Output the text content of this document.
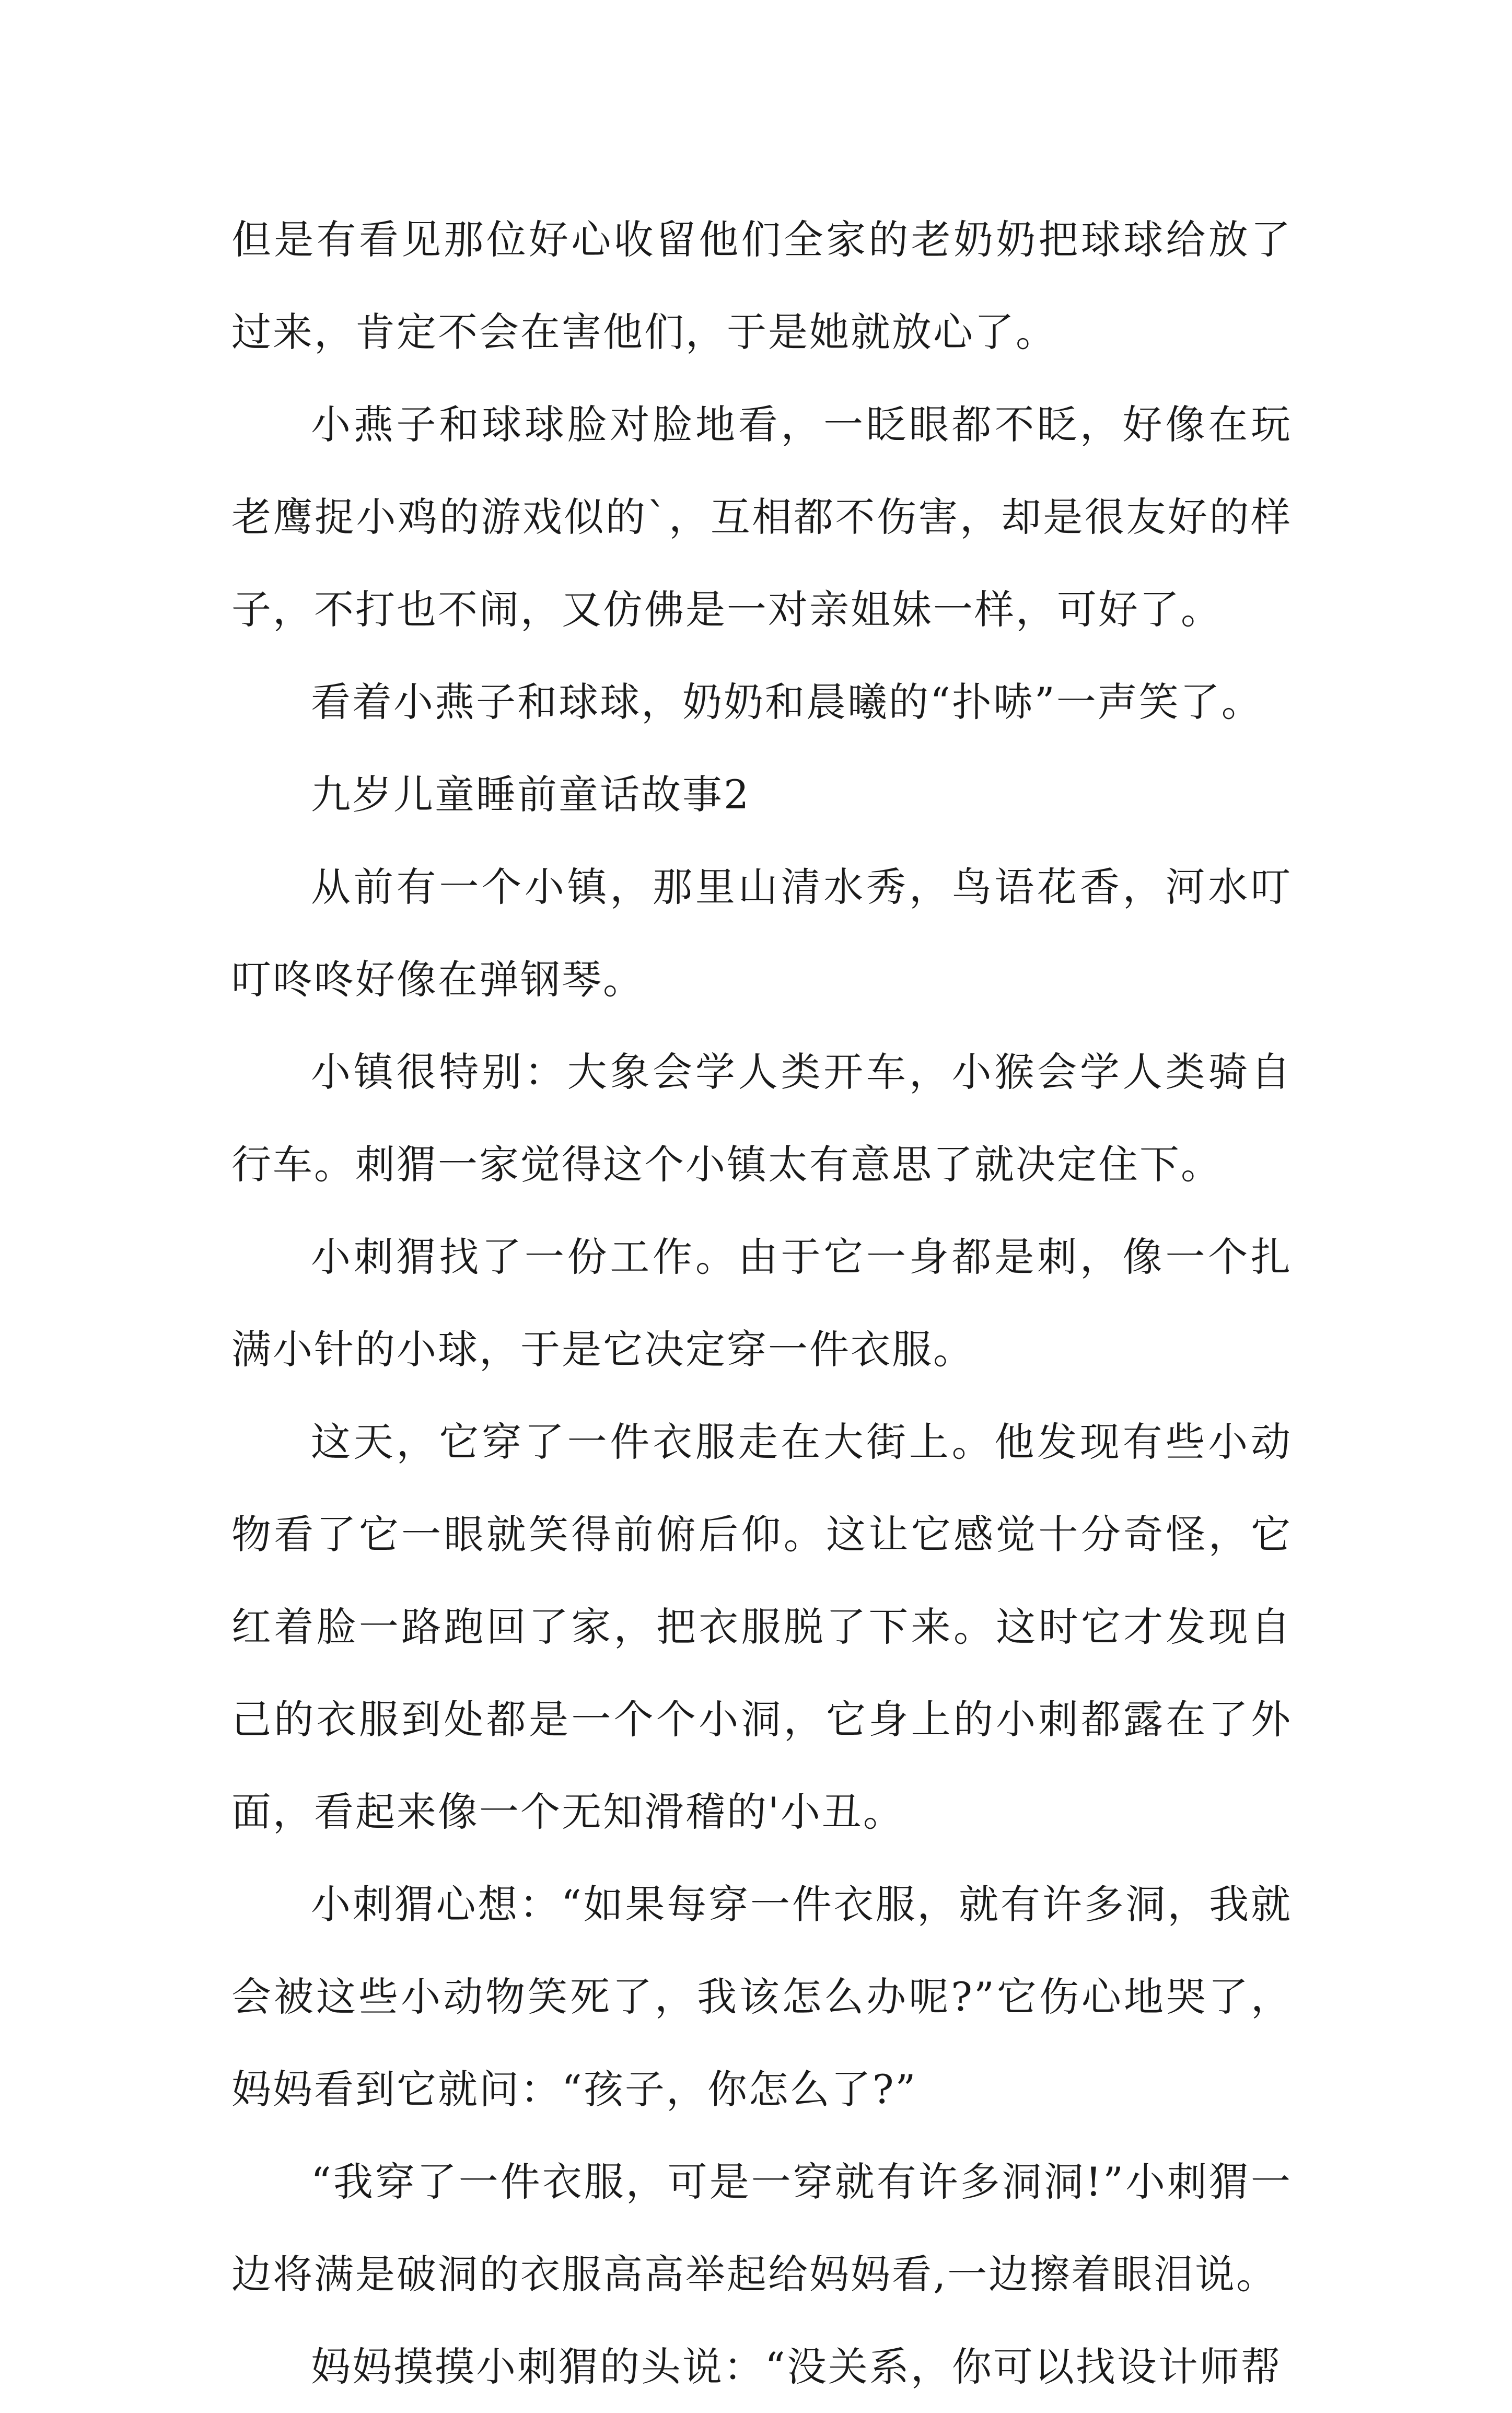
但是有看见那位好心收留他们全家的老奶奶把球球给放了过来，肯定不会在害他们，于是她就放心了。

小燕子和球球脸对脸地看，一眨眼都不眨，好像在玩老鹰捉小鸡的游戏似的`，互相都不伤害，却是很友好的样子，不打也不闹，又仿佛是一对亲姐妹一样，可好了。

看着小燕子和球球，奶奶和晨曦的“扑哧”一声笑了。

九岁儿童睡前童话故事2

从前有一个小镇，那里山清水秀，鸟语花香，河水叮叮咚咚好像在弹钢琴。

小镇很特别：大象会学人类开车，小猴会学人类骑自行车。刺猬一家觉得这个小镇太有意思了就决定住下。

小刺猬找了一份工作。由于它一身都是刺，像一个扎满小针的小球，于是它决定穿一件衣服。

这天，它穿了一件衣服走在大街上。他发现有些小动物看了它一眼就笑得前俯后仰。这让它感觉十分奇怪，它红着脸一路跑回了家，把衣服脱了下来。这时它才发现自己的衣服到处都是一个个小洞，它身上的小刺都露在了外面，看起来像一个无知滑稽的'小丑。

小刺猬心想：“如果每穿一件衣服，就有许多洞，我就会被这些小动物笑死了，我该怎么办呢?”它伤心地哭了，妈妈看到它就问：“孩子，你怎么了?”

“我穿了一件衣服，可是一穿就有许多洞洞!”小刺猬一边将满是破洞的衣服高高举起给妈妈看,一边擦着眼泪说。

妈妈摸摸小刺猬的头说：“没关系，你可以找设计师帮
